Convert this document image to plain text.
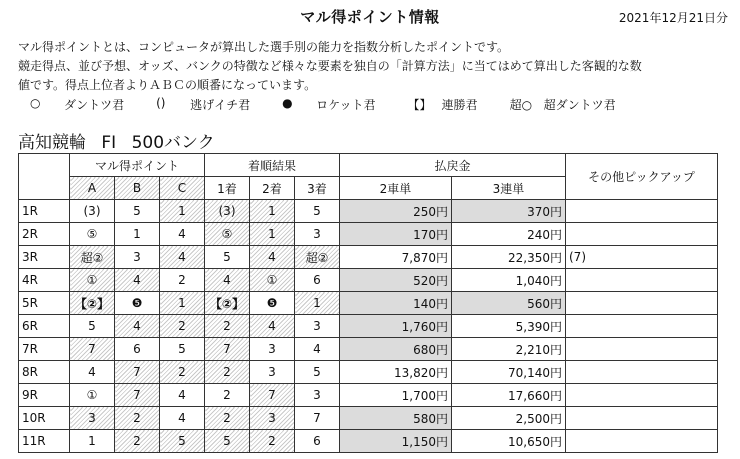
マル得ポイント情報	2021年12月21日分

マル得ポイントとは、コンピュータが算出した選手別の能力を指数分析したポイントです。

競走得点、並び予想、オッズ、バンクの特徴など様々な要素を独自の「計算方法」に当てはめて算出した客観的な数

値です。得点上位者よりＡＢＣの順番になっています。

○	ダントツ君	()	逃げイチ君	●	ロケット君	【】 連勝君	超○ 超ダントツ君
高知競輪 FI 500バンク
	マル得ポイント			着順結果			払戻金		その他ピックアップ
	A	B	C	1着	2着	3着	2車単	3連単	
1R	(3)	5	1	(3)	1	5	250円	370円	
2R	⑤	1	4	⑤	1	3	170円	240円	
3R	超②	3	4	5	4	超②	7,870円	22,350円	(7)
4R	①	4	2	4	①	6	520円	1,040円	
5R	【②】	❺	1	【②】	❺	1	140円	560円	
6R	5	4	2	2	4	3	1,760円	5,390円	
7R	7	6	5	7	3	4	680円	2,210円	
8R	4	7	2	2	3	5	13,820円	70,140円	
9R	①	7	4	2	7	3	1,700円	17,660円	
10R	3	2	4	2	3	7	580円	2,500円	
11R	1	2	5	5	2	6	1,150円	10,650円	
